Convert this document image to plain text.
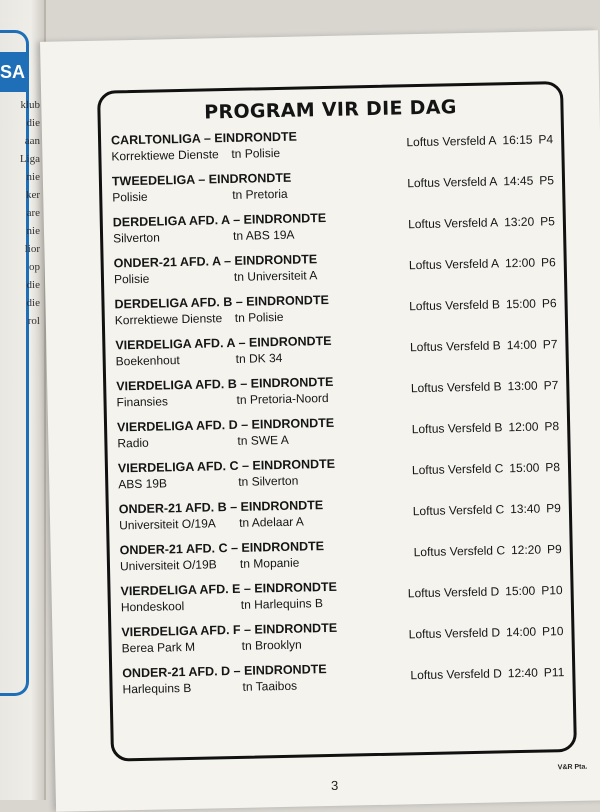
SA
klub
die
aan
Liga
nie
ker
are
nie
lior
op
die
die
rol
PROGRAM VIR DIE DAG
CARLTONLIGA – EINDRONDTE
Korrektiewe Dienste tn Polisie
Loftus Versfeld A 16:15 P4
TWEEDELIGA – EINDRONDTE
Polisie	tn Pretoria
Loftus Versfeld A 14:45 P5
DERDELIGA AFD. A – EINDRONDTE
Silverton	tn ABS 19A
Loftus Versfeld A 13:20 P5
ONDER-21 AFD. A – EINDRONDTE
Polisie	tn Universiteit A
Loftus Versfeld A 12:00 P6
DERDELIGA AFD. B – EINDRONDTE
Korrektiewe Dienste tn Polisie
Loftus Versfeld B 15:00 P6
VIERDELIGA AFD. A – EINDRONDTE
Boekenhout	tn DK 34
Loftus Versfeld B 14:00 P7
VIERDELIGA AFD. B – EINDRONDTE
Finansies	tn Pretoria-Noord
Loftus Versfeld B 13:00 P7
VIERDELIGA AFD. D – EINDRONDTE
Radio	tn SWE A
Loftus Versfeld B 12:00 P8
VIERDELIGA AFD. C – EINDRONDTE
ABS 19B	tn Silverton
Loftus Versfeld C 15:00 P8
ONDER-21 AFD. B – EINDRONDTE
Universiteit O/19A tn Adelaar A
Loftus Versfeld C 13:40 P9
ONDER-21 AFD. C – EINDRONDTE
Universiteit O/19B tn Mopanie
Loftus Versfeld C 12:20 P9
VIERDELIGA AFD. E – EINDRONDTE
Hondeskool	tn Harlequins B
Loftus Versfeld D 15:00 P10
VIERDELIGA AFD. F – EINDRONDTE
Berea Park M	tn Brooklyn
Loftus Versfeld D 14:00 P10
ONDER-21 AFD. D – EINDRONDTE
Harlequins B	tn Taaibos
Loftus Versfeld D 12:40 P11
V&R Pta.
3
